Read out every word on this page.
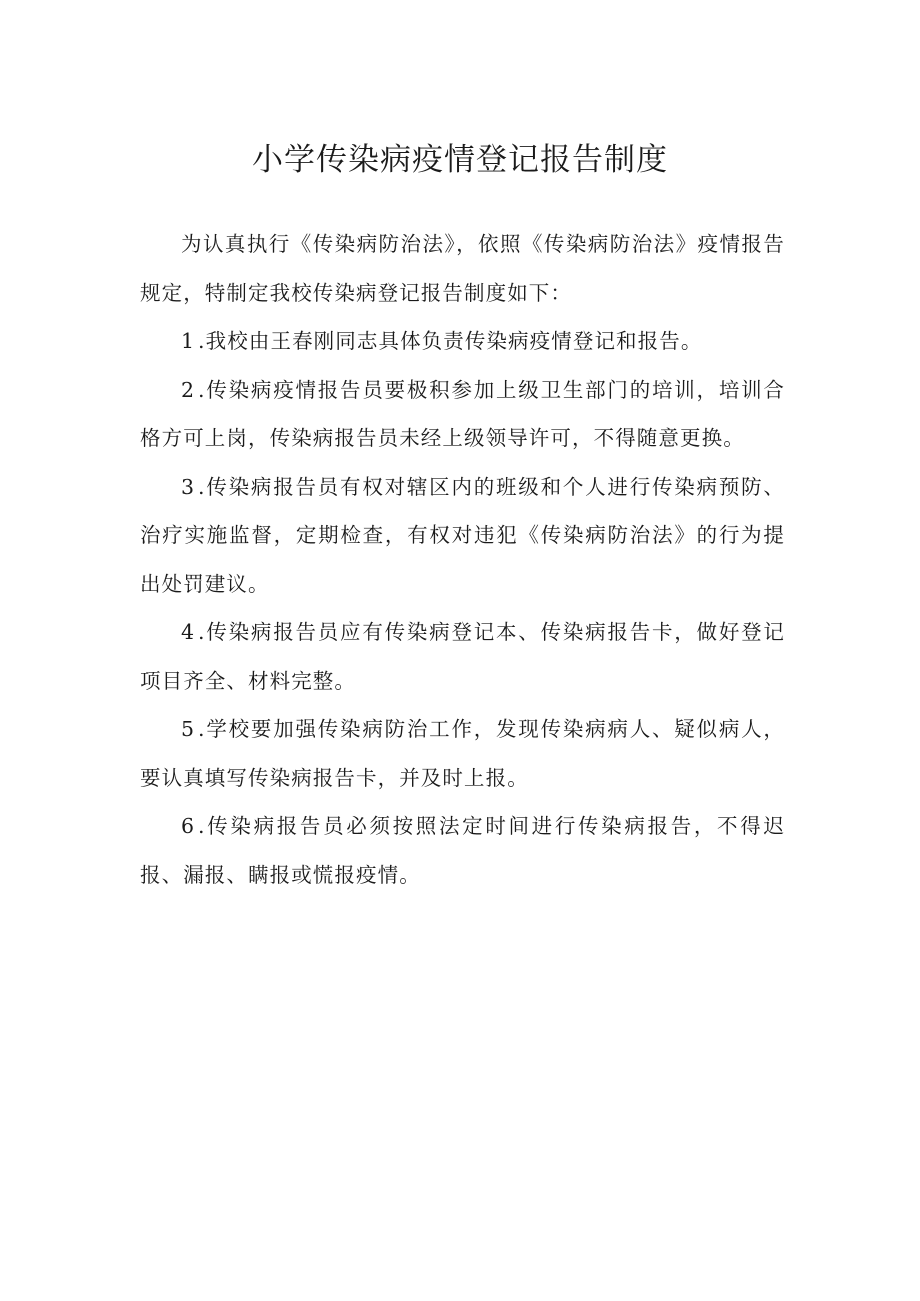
小学传染病疫情登记报告制度

为认真执行《传染病防治法》，依照《传染病防治法》疫情报告规定，特制定我校传染病登记报告制度如下：

1.我校由王春刚同志具体负责传染病疫情登记和报告。

2.传染病疫情报告员要极积参加上级卫生部门的培训，培训合格方可上岗，传染病报告员未经上级领导许可，不得随意更换。

3.传染病报告员有权对辖区内的班级和个人进行传染病预防、治疗实施监督，定期检查，有权对违犯《传染病防治法》的行为提出处罚建议。

4.传染病报告员应有传染病登记本、传染病报告卡，做好登记项目齐全、材料完整。

5.学校要加强传染病防治工作，发现传染病病人、疑似病人，要认真填写传染病报告卡，并及时上报。

6.传染病报告员必须按照法定时间进行传染病报告，不得迟报、漏报、瞒报或慌报疫情。
